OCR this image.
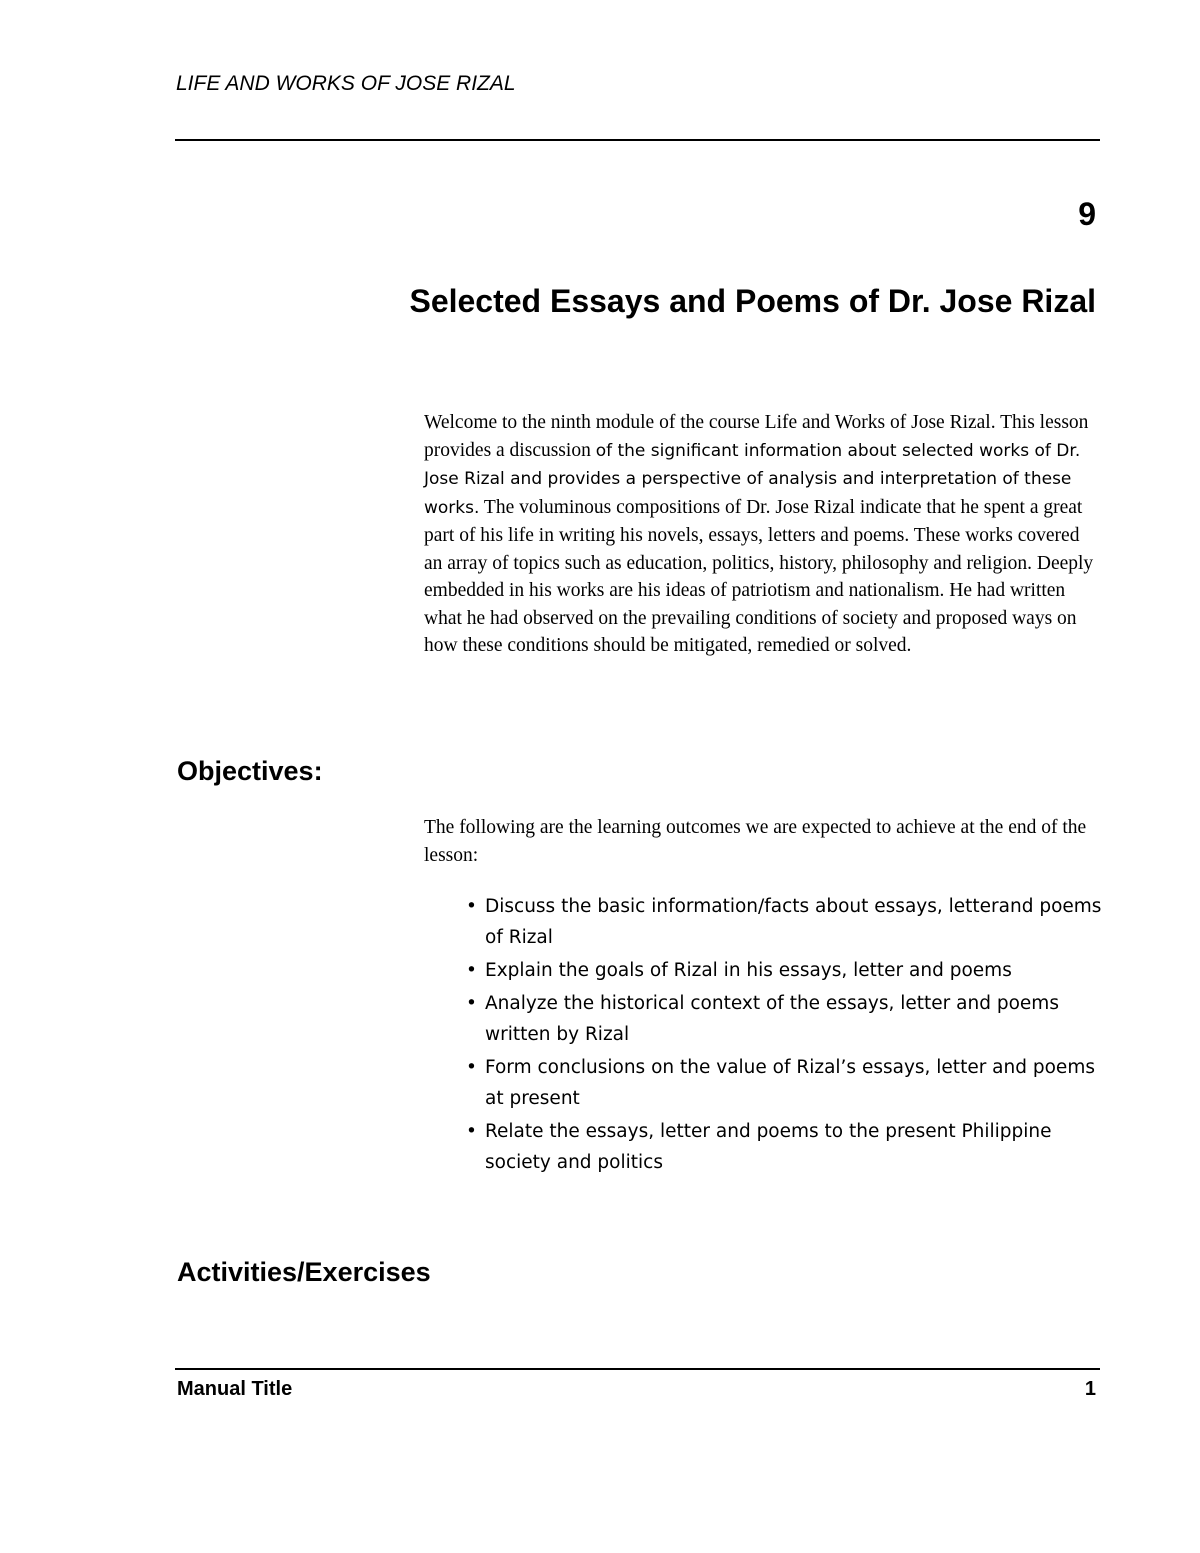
LIFE AND WORKS OF JOSE RIZAL
9
Selected Essays and Poems of Dr. Jose Rizal
Welcome to the ninth module of the course Life and Works of Jose Rizal. This lesson provides a discussion of the significant information about selected works of Dr. Jose Rizal and provides a perspective of analysis and interpretation of these works. The voluminous compositions of Dr. Jose Rizal indicate that he spent a great part of his life in writing his novels, essays, letters and poems. These works covered an array of topics such as education, politics, history, philosophy and religion. Deeply embedded in his works are his ideas of patriotism and nationalism. He had written what he had observed on the prevailing conditions of society and proposed ways on how these conditions should be mitigated, remedied or solved.
Objectives:
The following are the learning outcomes we are expected to achieve at the end of the lesson:
• Discuss the basic information/facts about essays, letterand poems of Rizal
• Explain the goals of Rizal in his essays, letter and poems
• Analyze the historical context of the essays, letter and poems written by Rizal
• Form conclusions on the value of Rizal’s essays, letter and poems at present
• Relate the essays, letter and poems to the present Philippine society and politics
Activities/Exercises
Manual Title	1
